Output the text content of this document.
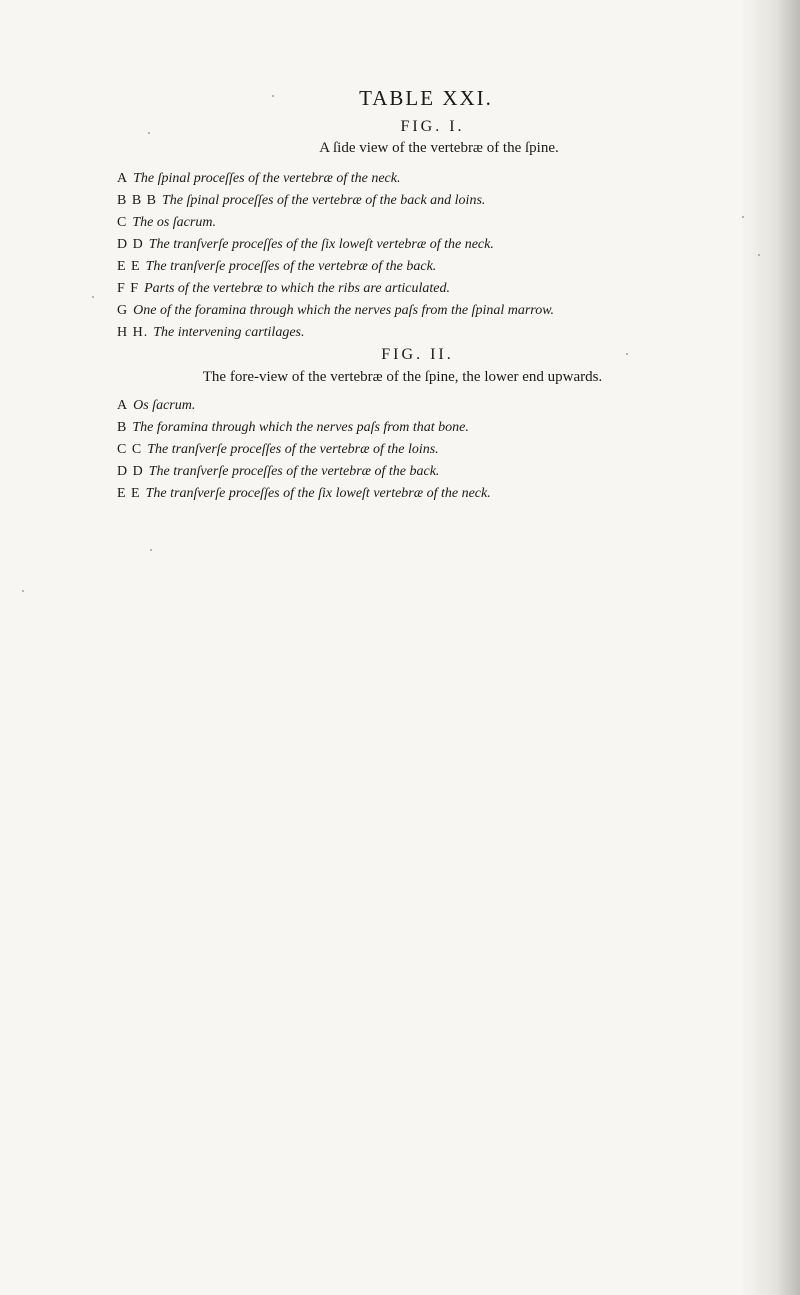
TABLE XXI.
FIG. I.
A ſide view of the vertebræ of the ſpine.
A The ſpinal proceſſes of the vertebræ of the neck.
B B B The ſpinal proceſſes of the vertebræ of the back and loins.
C The os ſacrum.
D D The tranſverſe proceſſes of the ſix loweſt vertebræ of the neck.
E E The tranſverſe proceſſes of the vertebræ of the back.
F F Parts of the vertebræ to which the ribs are articulated.
G One of the foramina through which the nerves paſs from the ſpinal marrow.
H H. The intervening cartilages.
FIG. II.
The fore-view of the vertebræ of the ſpine, the lower end upwards.
A Os ſacrum.
B The foramina through which the nerves paſs from that bone.
C C The tranſverſe proceſſes of the vertebræ of the loins.
D D The tranſverſe proceſſes of the vertebræ of the back.
E E The tranſverſe proceſſes of the ſix loweſt vertebræ of the neck.
